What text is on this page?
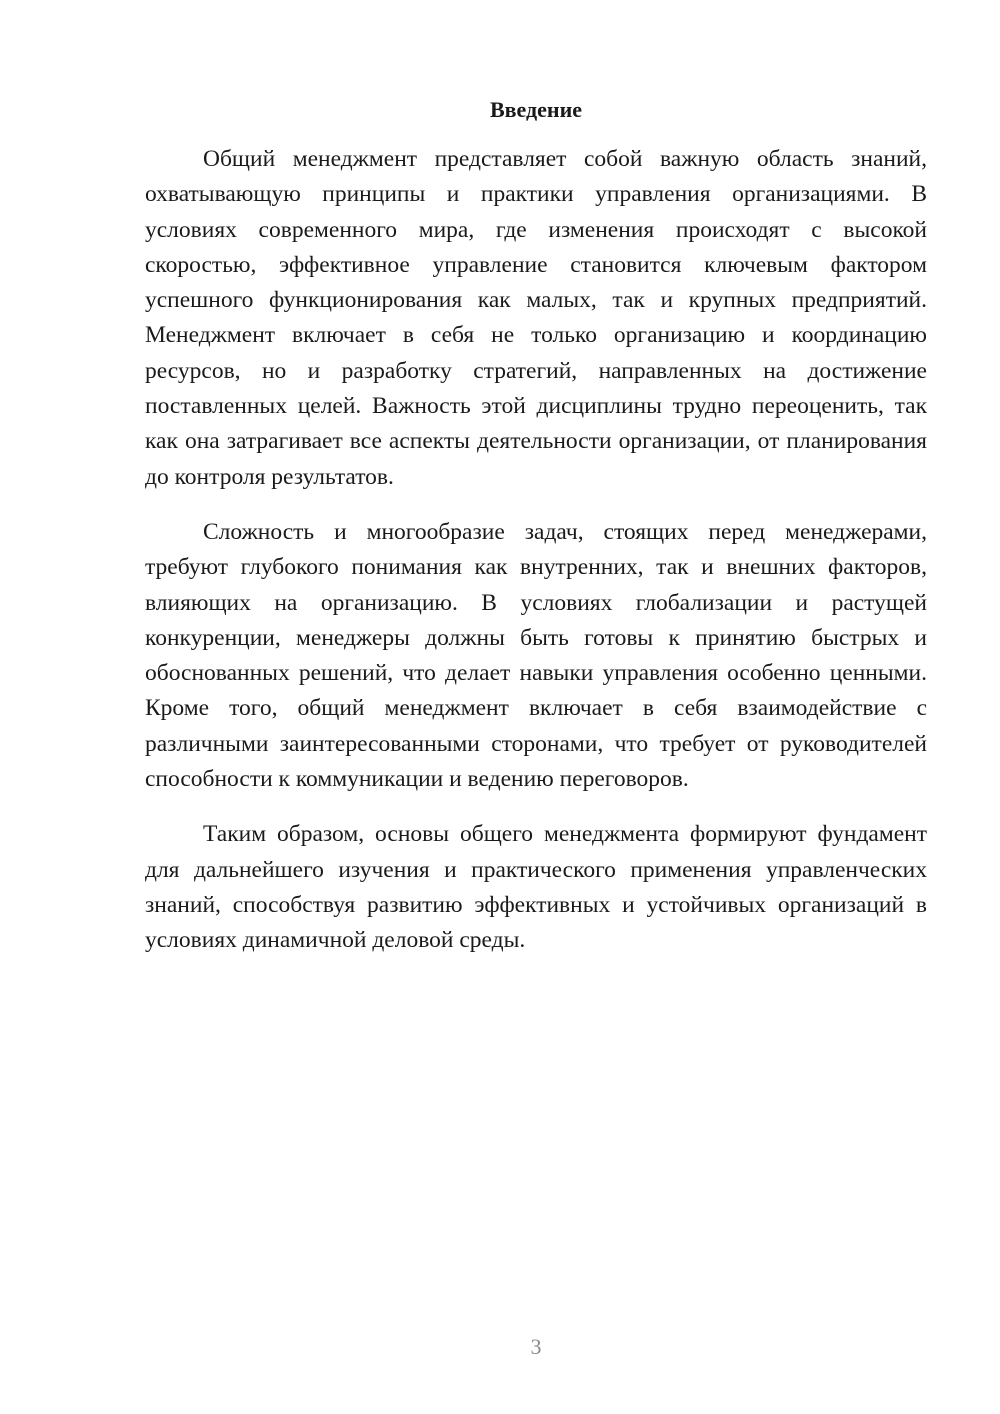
Введение

Общий менеджмент представляет собой важную область знаний, охватывающую принципы и практики управления организациями. В условиях современного мира, где изменения происходят с высокой скоростью, эффективное управление становится ключевым фактором успешного функционирования как малых, так и крупных предприятий. Менеджмент включает в себя не только организацию и координацию ресурсов, но и разработку стратегий, направленных на достижение поставленных целей. Важность этой дисциплины трудно переоценить, так как она затрагивает все аспекты деятельности организации, от планирования до контроля результатов.

Сложность и многообразие задач, стоящих перед менеджерами, требуют глубокого понимания как внутренних, так и внешних факторов, влияющих на организацию. В условиях глобализации и растущей конкуренции, менеджеры должны быть готовы к принятию быстрых и обоснованных решений, что делает навыки управления особенно ценными. Кроме того, общий менеджмент включает в себя взаимодействие с различными заинтересованными сторонами, что требует от руководителей способности к коммуникации и ведению переговоров.

Таким образом, основы общего менеджмента формируют фундамент для дальнейшего изучения и практического применения управленческих знаний, способствуя развитию эффективных и устойчивых организаций в условиях динамичной деловой среды.

3
